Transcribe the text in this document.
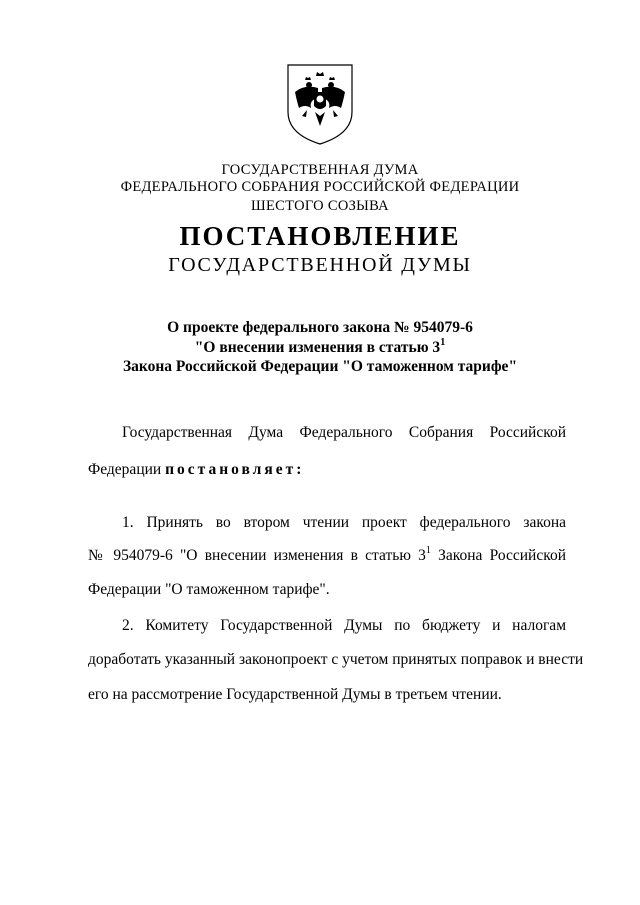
ГОСУДАРСТВЕННАЯ ДУМА
ФЕДЕРАЛЬНОГО СОБРАНИЯ РОССИЙСКОЙ ФЕДЕРАЦИИ
ШЕСТОГО СОЗЫВА
ПОСТАНОВЛЕНИЕ
ГОСУДАРСТВЕННОЙ ДУМЫ
О проекте федерального закона № 954079-6
"О внесении изменения в статью $3^1$
Закона Российской Федерации "О таможенном тарифе"
Государственная Дума Федерального Собрания Российской
Федерации постановляет:
1. Принять во втором чтении проект федерального закона
№ 954079-6 "О внесении изменения в статью $3^1$ Закона Российской
Федерации "О таможенном тарифе".
2. Комитету Государственной Думы по бюджету и налогам
доработать указанный законопроект с учетом принятых поправок и внести
его на рассмотрение Государственной Думы в третьем чтении.
